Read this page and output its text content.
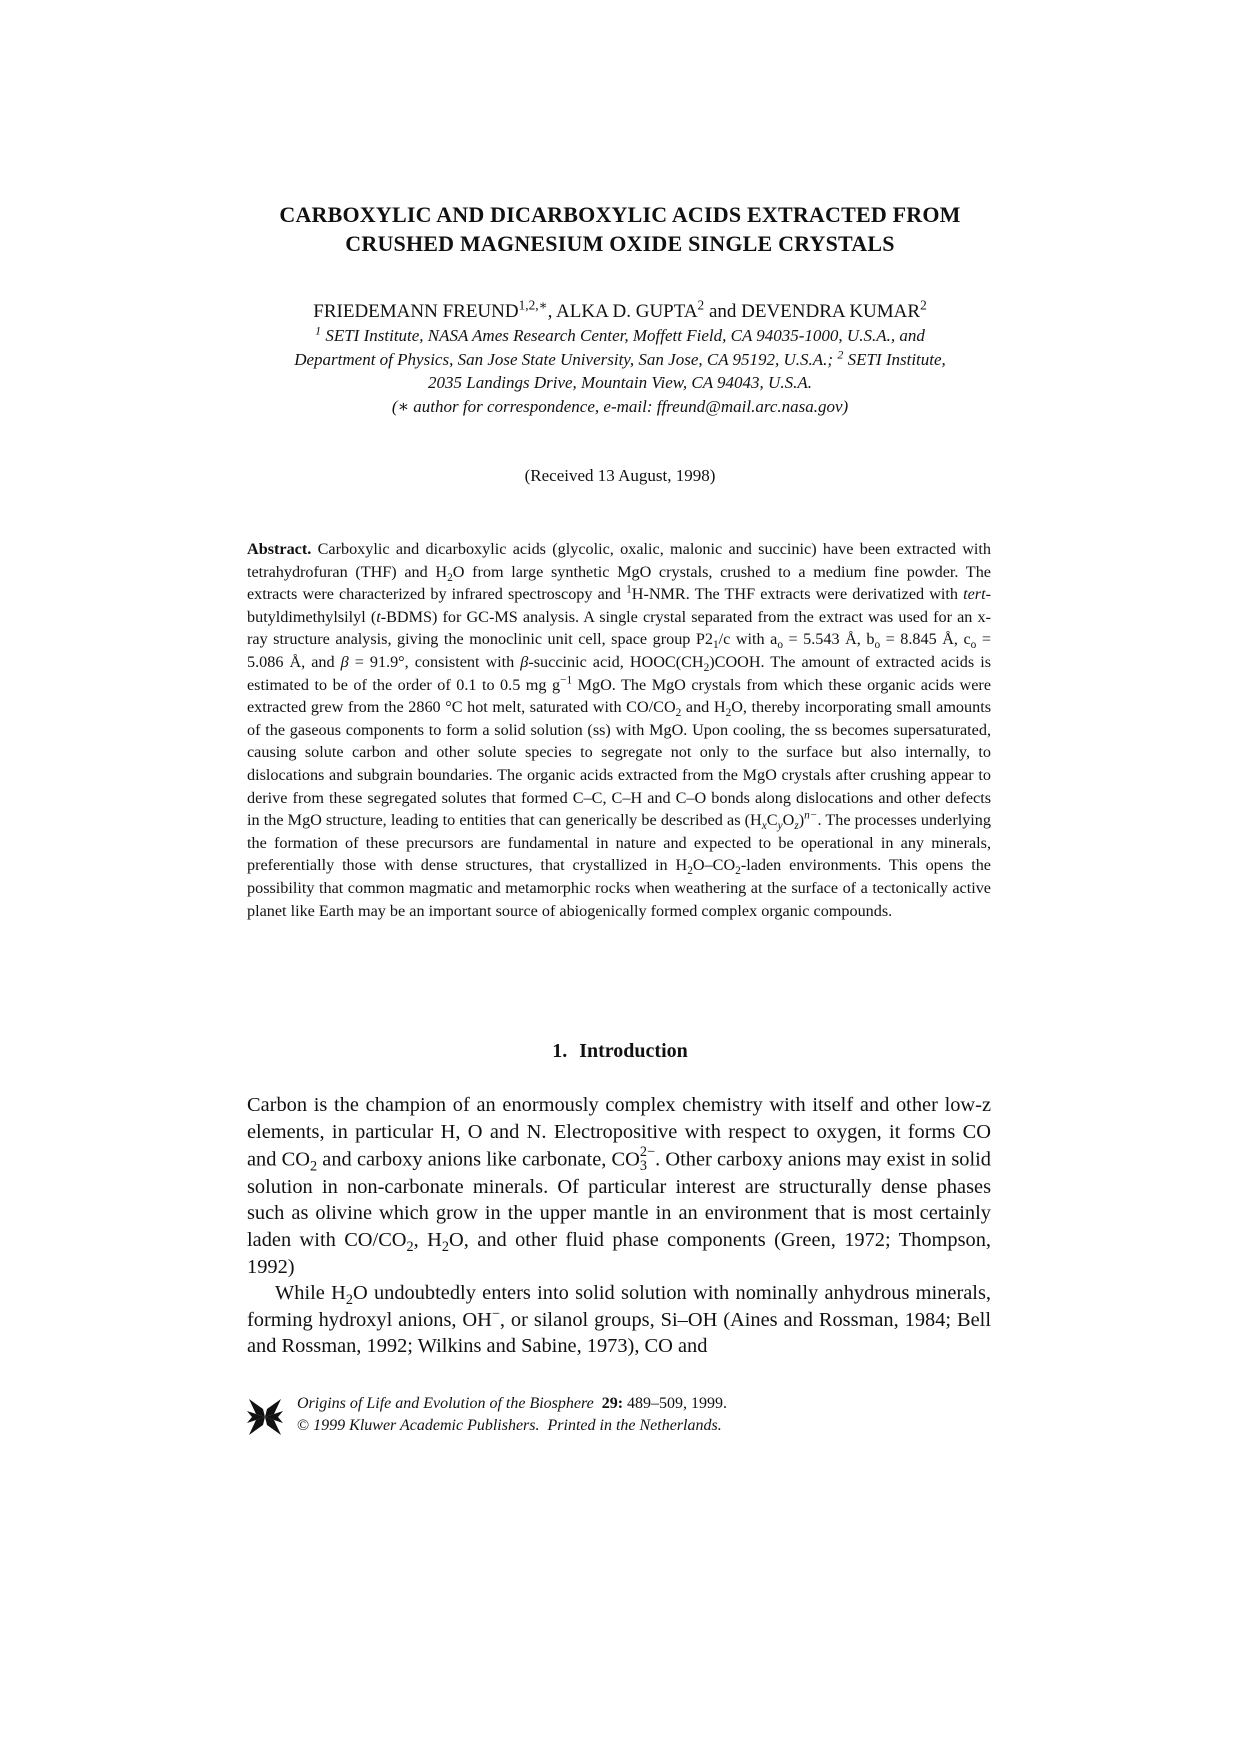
CARBOXYLIC AND DICARBOXYLIC ACIDS EXTRACTED FROM
CRUSHED MAGNESIUM OXIDE SINGLE CRYSTALS
FRIEDEMANN $FREUND^{1,2,∗}$, ALKA D. GUPTA$^2$ and DEVENDRA KUMAR$^2$
$^1$ SETI Institute, NASA Ames Research Center, Moffett Field, CA 94035-1000, U.S.A., and
Department of Physics, San Jose State University, San Jose, CA 95192, U.S.A.; $^2$ SETI Institute,
2035 Landings Drive, Mountain View, CA 94043, U.S.A.
(∗ author for correspondence, e-mail: ffreund@mail.arc.nasa.gov)
(Received 13 August, 1998)
Abstract. Carboxylic and dicarboxylic acids (glycolic, oxalic, malonic and succinic) have been extracted with tetrahydrofuran (THF) and $H_2O$ from large synthetic MgO crystals, crushed to a medium fine powder. The extracts were characterized by infrared spectroscopy and $^1$H-NMR. The THF extracts were derivatized with tert-butyldimethylsilyl (t-BDMS) for GC-MS analysis. A single crystal separated from the extract was used for an x-ray structure analysis, giving the monoclinic unit cell, space group $P2_1/c$ with $a_o = 5.543$ Å, $b_o = 8.845$ Å, $c_o = 5.086$ Å, and β = 91.9°, consistent with β-succinic acid, $HOOC(CH_2)COOH$. The amount of extracted acids is estimated to be of the order of 0.1 to 0.5 mg $g^{-1}$ MgO. The MgO crystals from which these organic acids were extracted grew from the 2860 °C hot melt, saturated with $CO/CO_2$ and $H_2O$, thereby incorporating small amounts of the gaseous components to form a solid solution (ss) with MgO. Upon cooling, the ss becomes supersaturated, causing solute carbon and other solute species to segregate not only to the surface but also internally, to dislocations and subgrain boundaries. The organic acids extracted from the MgO crystals after crushing appear to derive from these segregated solutes that formed C–C, C–H and C–O bonds along dislocations and other defects in the MgO structure, leading to entities that can generically be described as $(H_xC_yO_z)^{n-}$. The processes underlying the formation of these precursors are fundamental in nature and expected to be operational in any minerals, preferentially those with dense structures, that crystallized in $H_2O-CO_2$-laden environments. This opens the possibility that common magmatic and metamorphic rocks when weathering at the surface of a tectonically active planet like Earth may be an important source of abiogenically formed complex organic compounds.
1. Introduction

Carbon is the champion of an enormously complex chemistry with itself and other low-z elements, in particular H, O and N. Electropositive with respect to oxygen, it forms CO and $CO_2$ and carboxy anions like carbonate, CO 2−
3 . Other carboxy anions may exist in solid solution in non-carbonate minerals. Of particular interest are structurally dense phases such as olivine which grow in the upper mantle in an environment that is most certainly laden with $CO/CO_2$, $H_2O$, and other fluid phase components (Green, 1972; Thompson, 1992)

While $H_2O$ undoubtedly enters into solid solution with nominally anhydrous minerals, forming hydroxyl anions, OH−, or silanol groups, Si–OH (Aines and Rossman, 1984; Bell and Rossman, 1992; Wilkins and Sabine, 1973), CO and

Origins of Life and Evolution of the Biosphere 29: 489–509, 1999.
© 1999 Kluwer Academic Publishers.  Printed in the Netherlands.
